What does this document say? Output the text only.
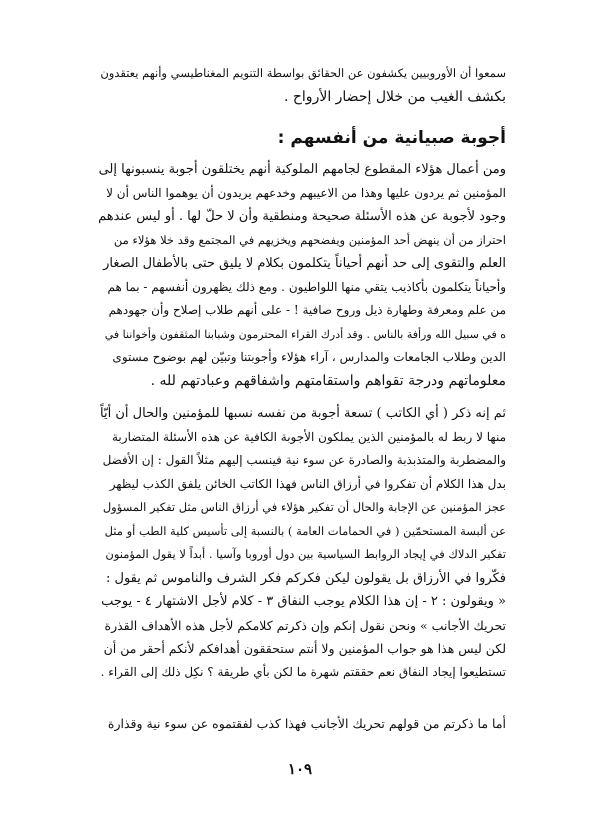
سمعوا أن الأوروبيين يكشفون عن الحقائق بواسطة التنويم المغناطيسي وأنهم يعتقدون
بكشف الغيب من خلال إحضار الأرواح .
أجوبة صبيانية من أنفسهم :
ومن أعمال هؤلاء المقطوع لجامهم الملوكية أنهم يختلقون أجوبة ينسبونها إلى
المؤمنين ثم يردون عليها وهذا من الاعيبهم وخدعهم يريدون أن يوهموا الناس أن لا
وجود لأجوبة عن هذه الأسئلة صحيحة ومنطقية وأن لا حلّ لها . أو ليس عندهم
احتراز من أن ينهض أحد المؤمنين ويفضحهم ويخزيهم في المجتمع وقد خلا هؤلاء من
العلم والتقوى إلى حد أنهم أحياناً يتكلمون بكلام لا يليق حتى بالأطفال الصغار
وأحياناً يتكلمون بأكاذيب يتقي منها اللواطيون . ومع ذلك يظهرون أنفسهم - بما هم
من علم ومعرفة وطهارة ذيل وروح صافية ! - على أنهم طلاب إصلاح وأن جهودهم
ه في سبيل الله ورأفة بالناس . وقد أدرك القراء المحترمون وشبابنا المثقفون وأخواننا في
الدين وطلاب الجامعات والمدارس ، آراء هؤلاء وأجوبتنا وتبيّن لهم بوضوح مستوى
معلوماتهم ودرجة تقواهم واستقامتهم واشفاقهم وعبادتهم لله .
ثم إنه ذكر ( أي الكاتب ) تسعة أجوبة من نفسه نسبها للمؤمنين والحال أن أيّاً
منها لا ربط له بالمؤمنين الذين يملكون الأجوبة الكافية عن هذه الأسئلة المتضاربة
والمضطربة والمتذبذبة والصادرة عن سوء نية فينسب إليهم مثلاً القول : إن الأفضل
بدل هذا الكلام أن تفكروا في أرزاق الناس فهذا الكاتب الخائن يلفق الكذب ليظهر
عجز المؤمنين عن الإجابة والحال أن تفكير هؤلاء في أرزاق الناس مثل تفكير المسؤول
عن ألبسة المستحمّين ( في الحمامات العامة ) بالنسبة إلى تأسيس كلية الطب أو مثل
تفكير الدلاك في إيجاد الروابط السياسية بين دول أوروبا وآسيا . أبداً لا يقول المؤمنون
فكّروا في الأرزاق بل يقولون ليكن فكركم فكر الشرف والناموس ثم يقول :
« ويقولون : ٢ - إن هذا الكلام يوجب النفاق ٣ - كلام لأجل الاشتهار ٤ - يوجب
تحريك الأجانب » ونحن نقول إنكم وإن ذكرتم كلامكم لأجل هذه الأهداف القذرة
لكن ليس هذا هو جواب المؤمنين ولا أنتم ستحققون أهدافكم لأنكم أحقر من أن
تستطيعوا إيجاد النفاق نعم حققتم شهرة ما لكن بأي طريقة ؟ نكِل ذلك إلى القراء .
أما ما ذكرتم من قولهم تحريك الأجانب فهذا كذب لفقتموه عن سوء نية وقذارة
١٠٩
